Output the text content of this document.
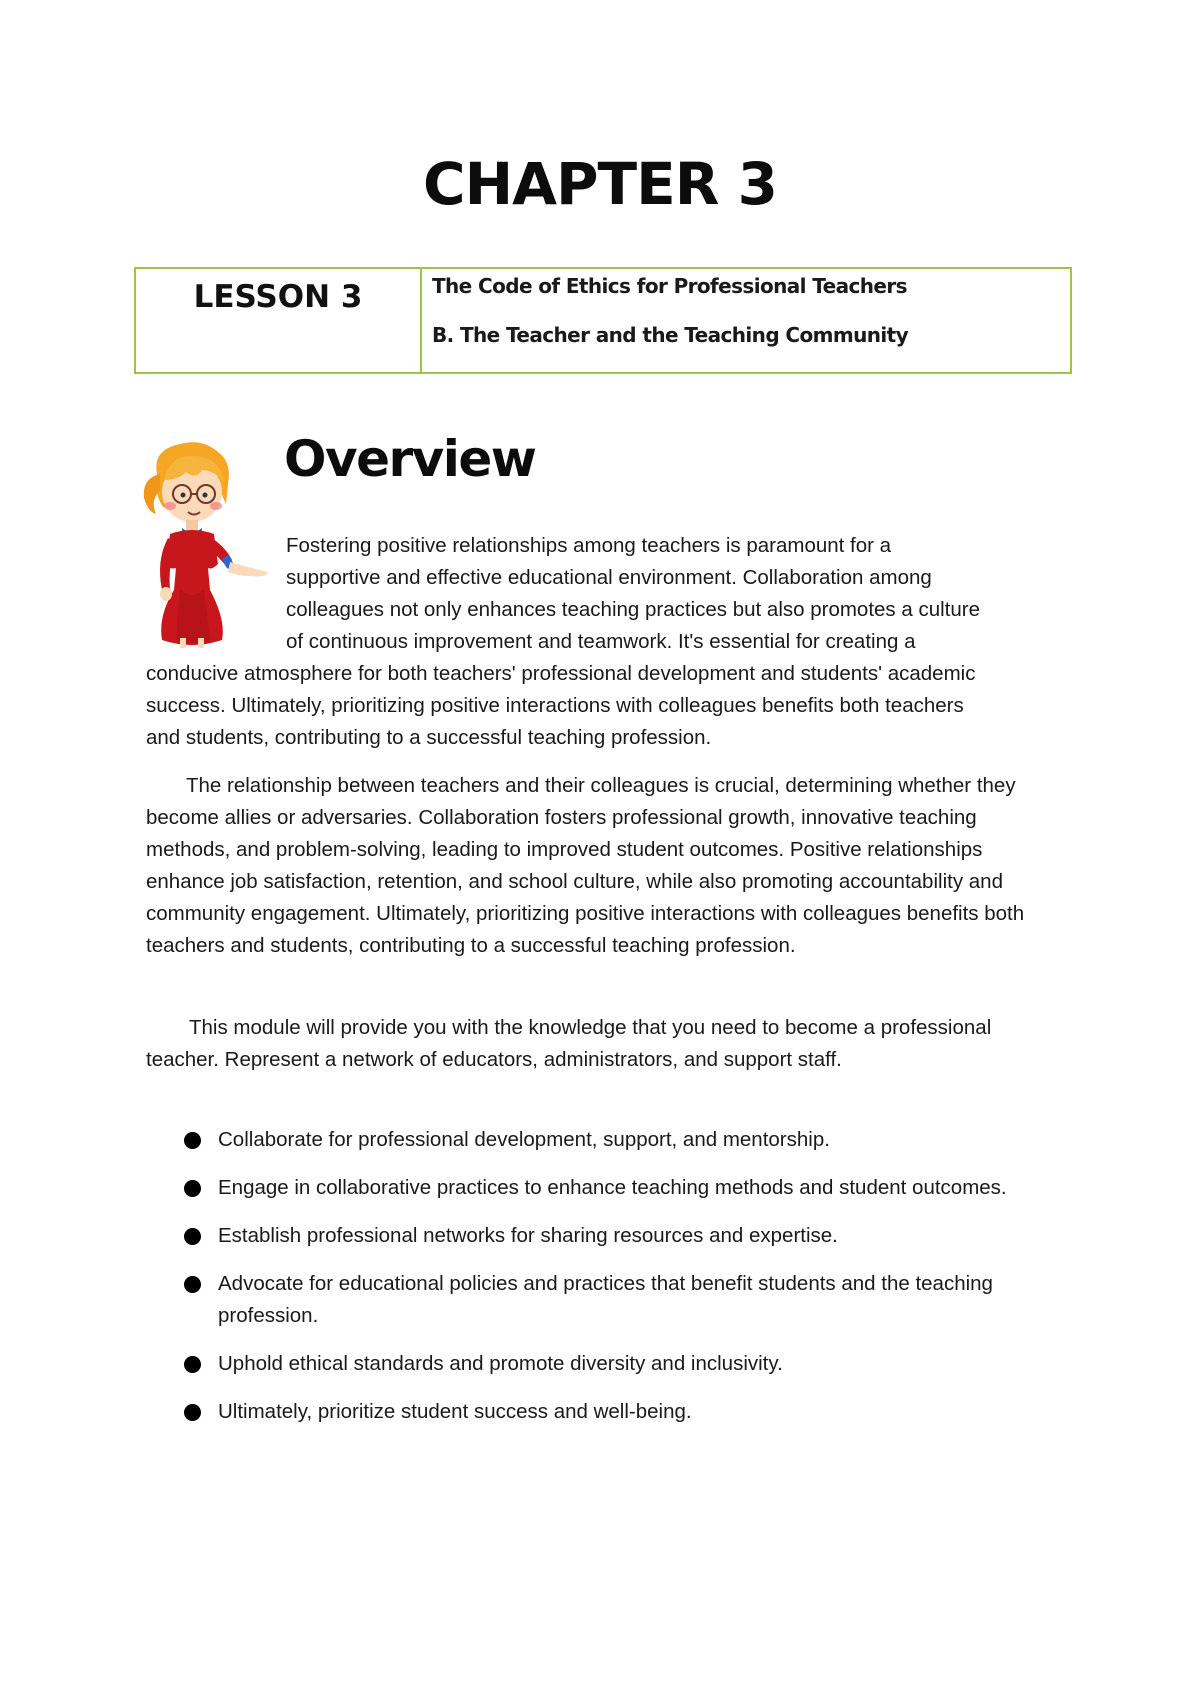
CHAPTER 3
LESSON 3	The Code of Ethics for Professional Teachers

B. The Teacher and the Teaching Community

Overview
Fostering positive relationships among teachers is paramount for a
supportive and effective educational environment. Collaboration among
colleagues not only enhances teaching practices but also promotes a culture
of continuous improvement and teamwork. It's essential for creating a
conducive atmosphere for both teachers' professional development and students' academic
success. Ultimately, prioritizing positive interactions with colleagues benefits both teachers
and students, contributing to a successful teaching profession.

The relationship between teachers and their colleagues is crucial, determining whether they become allies or adversaries. Collaboration fosters professional growth, innovative teaching methods, and problem-solving, leading to improved student outcomes. Positive relationships enhance job satisfaction, retention, and school culture, while also promoting accountability and community engagement. Ultimately, prioritizing positive interactions with colleagues benefits both teachers and students, contributing to a successful teaching profession.

This module will provide you with the knowledge that you need to become a professional teacher. Represent a network of educators, administrators, and support staff.

Collaborate for professional development, support, and mentorship.
Engage in collaborative practices to enhance teaching methods and student outcomes.
Establish professional networks for sharing resources and expertise.
Advocate for educational policies and practices that benefit students and the teaching profession.
Uphold ethical standards and promote diversity and inclusivity.
Ultimately, prioritize student success and well-being.
